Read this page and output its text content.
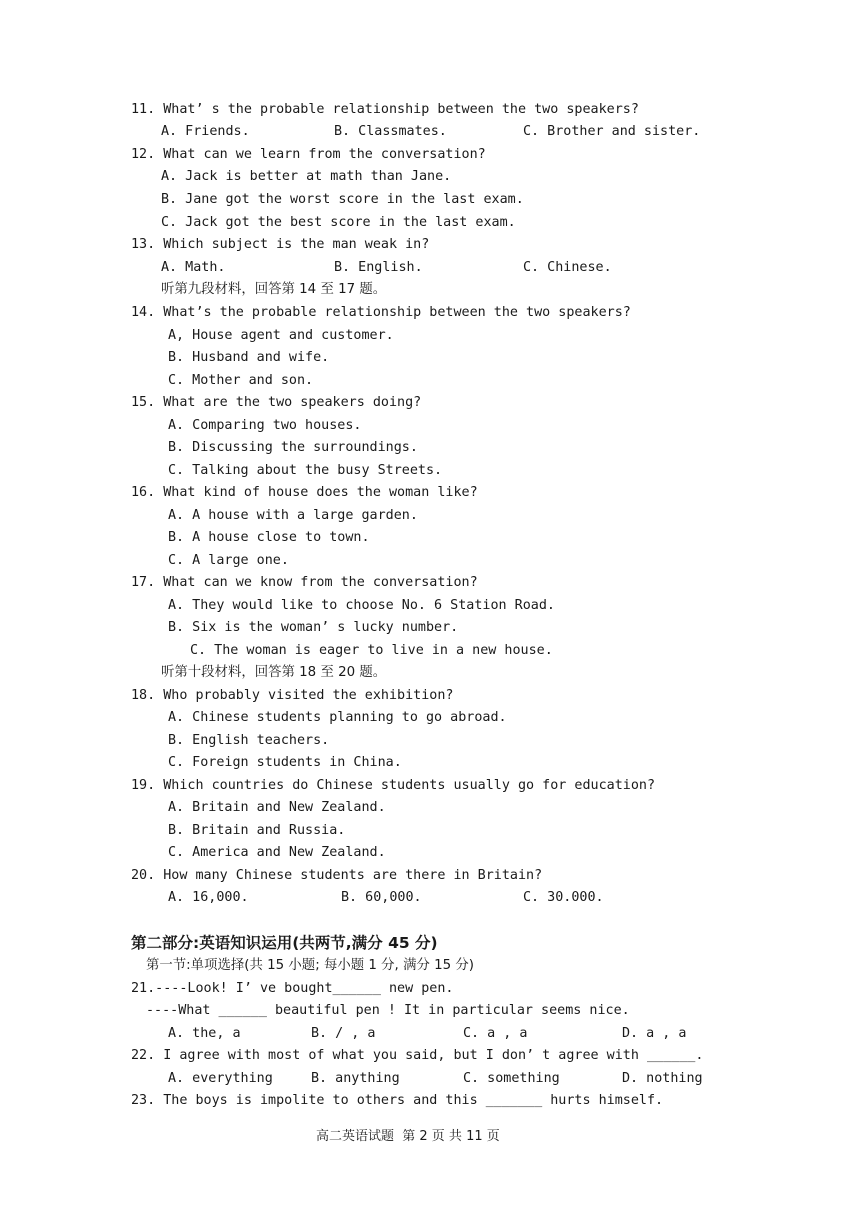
11. What’ s the probable relationship between the two speakers?
A. Friends.	B. Classmates.	C. Brother and sister.
12. What can we learn from the conversation?
A. Jack is better at math than Jane.
B. Jane got the worst score in the last exam.
C. Jack got the best score in the last exam.
13. Which subject is the man weak in?
A. Math.	B. English.	C. Chinese.
听第九段材料，回答第 14 至 17 题。
14. What’s the probable relationship between the two speakers?
A, House agent and customer.
B. Husband and wife.
C. Mother and son.
15. What are the two speakers doing?
A. Comparing two houses.
B. Discussing the surroundings.
C. Talking about the busy Streets.
16. What kind of house does the woman like?
A. A house with a large garden.
B. A house close to town.
C. A large one.
17. What can we know from the conversation?
A. They would like to choose No. 6 Station Road.
B. Six is the woman’ s lucky number.
C. The woman is eager to live in a new house.
听第十段材料，回答第 18 至 20 题。
18. Who probably visited the exhibition?
A. Chinese students planning to go abroad.
B. English teachers.
C. Foreign students in China.
19. Which countries do Chinese students usually go for education?
A. Britain and New Zealand.
B. Britain and Russia.
C. America and New Zealand.
20. How many Chinese students are there in Britain?
A. 16,000.	B. 60,000.	C. 30.000.
第二部分:英语知识运用(共两节,满分 45 分)
第一节:单项选择(共 15 小题; 每小题 1 分, 满分 15 分)
21.----Look! I’ ve bought______ new pen.
----What ______ beautiful pen ! It in particular seems nice.
A. the, a	B. / , a	C. a , a	D. a , a
22. I agree with most of what you said, but I don’ t agree with ______.
A. everything	B. anything	C. something	D. nothing
23. The boys is impolite to others and this _______ hurts himself.
高二英语试题  第 2 页 共 11 页
